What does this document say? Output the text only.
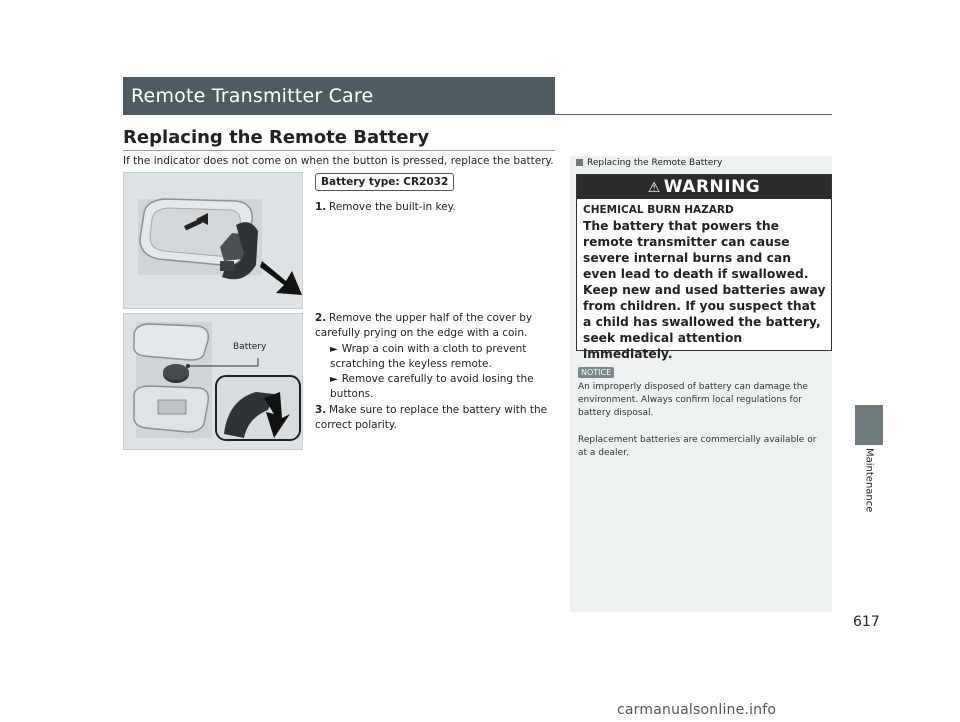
Remote Transmitter Care
Maintenance
Replacing the Remote Battery
If the indicator does not come on when the button is pressed, replace the battery.
Battery
Battery type: CR2032
1. Remove the built-in key.
2. Remove the upper half of the cover by carefully prying on the edge with a coin.
► Wrap a coin with a cloth to prevent scratching the keyless remote.
► Remove carefully to avoid losing the buttons.
3. Make sure to replace the battery with the correct polarity.
Replacing the Remote Battery
⚠ WARNING
CHEMICAL BURN HAZARD
The battery that powers the remote transmitter can cause severe internal burns and can even lead to death if swallowed. Keep new and used batteries away from children. If you suspect that a child has swallowed the battery, seek medical attention immediately.
NOTICE
An improperly disposed of battery can damage the environment. Always confirm local regulations for battery disposal.
Replacement batteries are commercially available or at a dealer.
617
carmanualsonline.info
